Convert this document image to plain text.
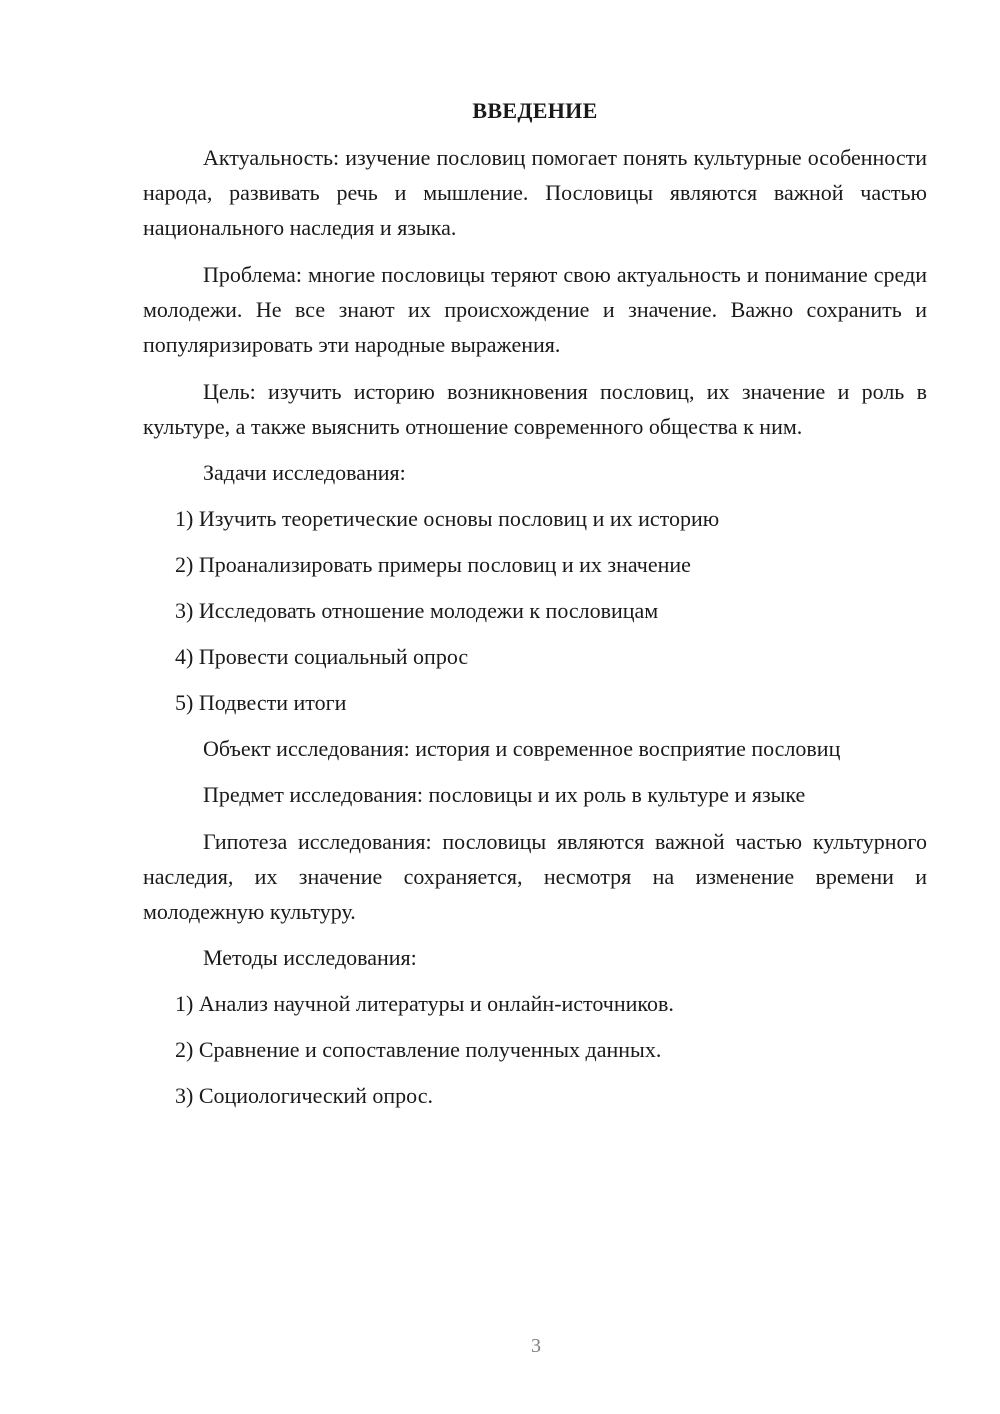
ВВЕДЕНИЕ

Актуальность: изучение пословиц помогает понять культурные особенности народа, развивать речь и мышление. Пословицы являются важной частью национального наследия и языка.

Проблема: многие пословицы теряют свою актуальность и понимание среди молодежи. Не все знают их происхождение и значение. Важно сохранить и популяризировать эти народные выражения.

Цель: изучить историю возникновения пословиц, их значение и роль в культуре, а также выяснить отношение современного общества к ним.

Задачи исследования:

1) Изучить теоретические основы пословиц и их историю

2) Проанализировать примеры пословиц и их значение

3) Исследовать отношение молодежи к пословицам

4) Провести социальный опрос

5) Подвести итоги

Объект исследования: история и современное восприятие пословиц

Предмет исследования: пословицы и их роль в культуре и языке

Гипотеза исследования: пословицы являются важной частью культурного наследия, их значение сохраняется, несмотря на изменение времени и молодежную культуру.

Методы исследования:

1) Анализ научной литературы и онлайн-источников.

2) Сравнение и сопоставление полученных данных.

3) Социологический опрос.

3
